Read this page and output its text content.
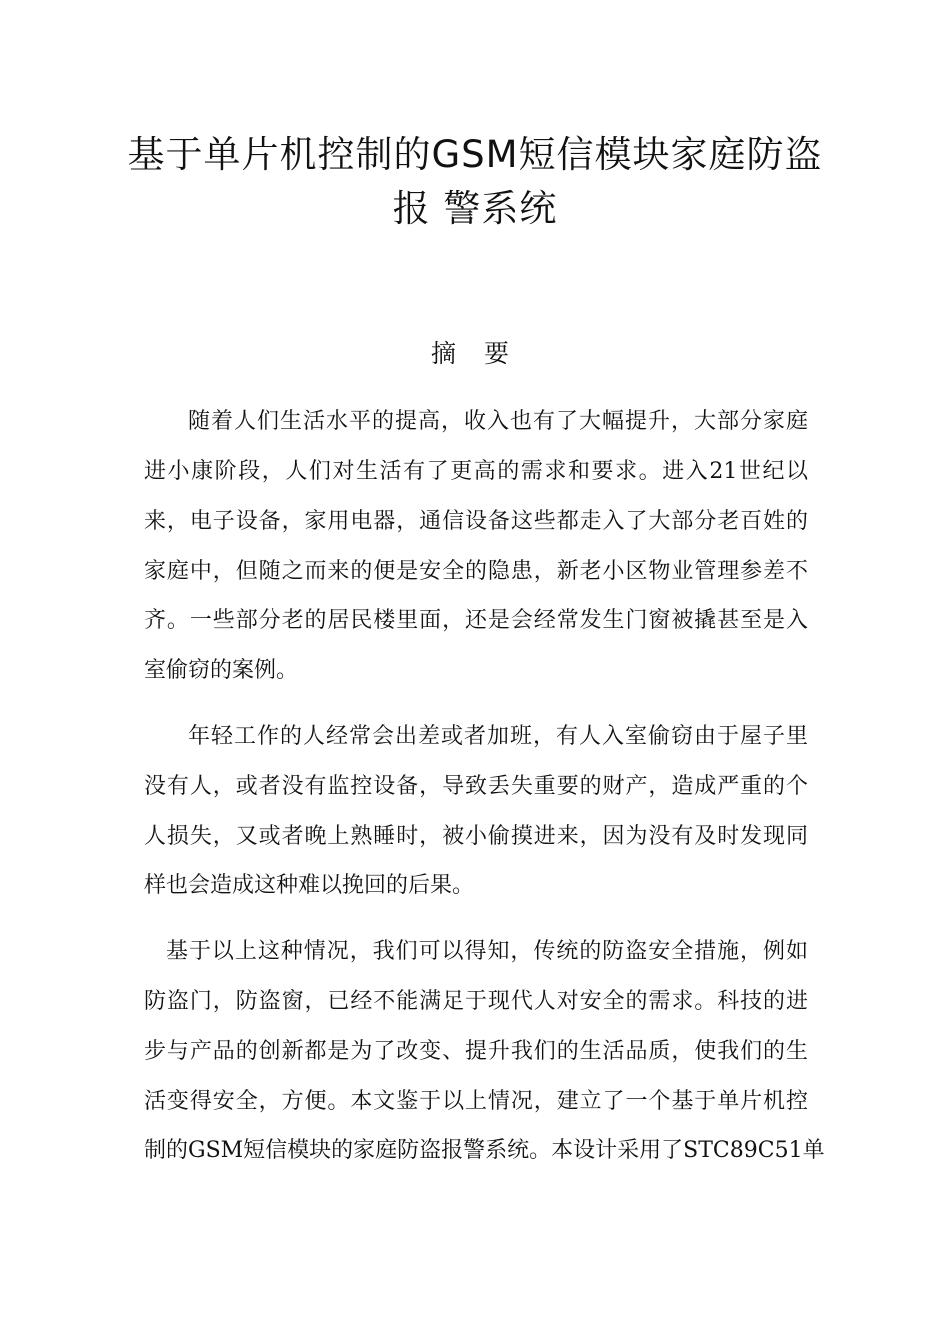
基于单片机控制的GSM短信模块家庭防盗
报 警系统
摘 要
随着人们生活水平的提高，收入也有了大幅提升，大部分家庭
进小康阶段，人们对生活有了更高的需求和要求。进入21世纪以
来，电子设备，家用电器，通信设备这些都走入了大部分老百姓的
家庭中，但随之而来的便是安全的隐患，新老小区物业管理参差不
齐。一些部分老的居民楼里面，还是会经常发生门窗被撬甚至是入
室偷窃的案例。
年轻工作的人经常会出差或者加班，有人入室偷窃由于屋子里
没有人，或者没有监控设备，导致丢失重要的财产，造成严重的个
人损失，又或者晚上熟睡时，被小偷摸进来，因为没有及时发现同
样也会造成这种难以挽回的后果。
基于以上这种情况，我们可以得知，传统的防盗安全措施，例如
防盗门，防盗窗，已经不能满足于现代人对安全的需求。科技的进
步与产品的创新都是为了改变、提升我们的生活品质，使我们的生
活变得安全，方便。本文鉴于以上情况，建立了一个基于单片机控
制的GSM短信模块的家庭防盗报警系统。本设计采用了STC89C51单
